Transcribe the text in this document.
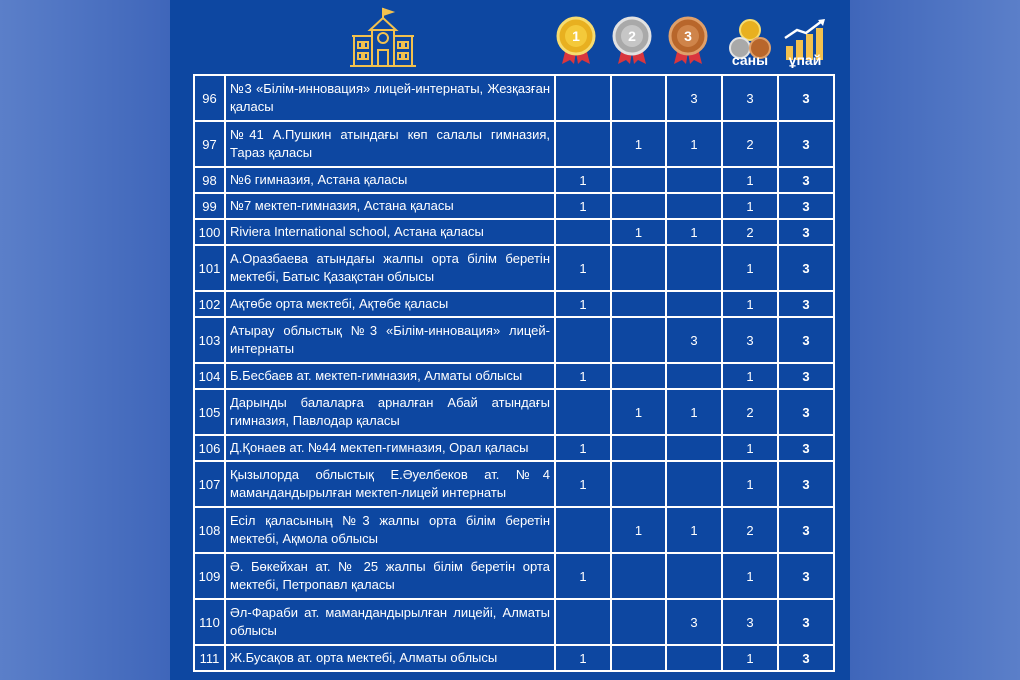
1	2	3
саны	ұпай
96	№3 «Білім-инновация» лицей-интернаты, Жезқазған қаласы			3	3	3
97	№41 А.Пушкин атындағы көп салалы гимназия, Тараз қаласы		1	1	2	3
98	№6 гимназия, Астана қаласы	1			1	3
99	№7 мектеп-гимназия, Астана қаласы	1			1	3
100	Riviera International school, Астана қаласы		1	1	2	3
101	А.Оразбаева атындағы жалпы орта білім беретін мектебі, Батыс Қазақстан облысы	1			1	3
102	Ақтөбе орта мектебі, Ақтөбе қаласы	1			1	3
103	Атырау облыстық №3 «Білім-инновация» лицей-интернаты			3	3	3
104	Б.Бесбаев ат. мектеп-гимназия, Алматы облысы	1			1	3
105	Дарынды балаларға арналған Абай атындағы гимназия, Павлодар қаласы		1	1	2	3
106	Д.Қонаев ат. №44 мектеп-гимназия, Орал қаласы	1			1	3
107	Қызылорда облыстық Е.Әуелбеков ат. №4 мамандандырылған мектеп-лицей интернаты	1			1	3
108	Есіл қаласының №3 жалпы орта білім беретін мектебі, Ақмола облысы		1	1	2	3
109	Ә. Бөкейхан ат. № 25 жалпы білім беретін орта мектебі, Петропавл қаласы	1			1	3
110	Әл-Фараби ат. мамандандырылған лицейі, Алматы облысы			3	3	3
111	Ж.Бусақов ат. орта мектебі, Алматы облысы	1			1	3
